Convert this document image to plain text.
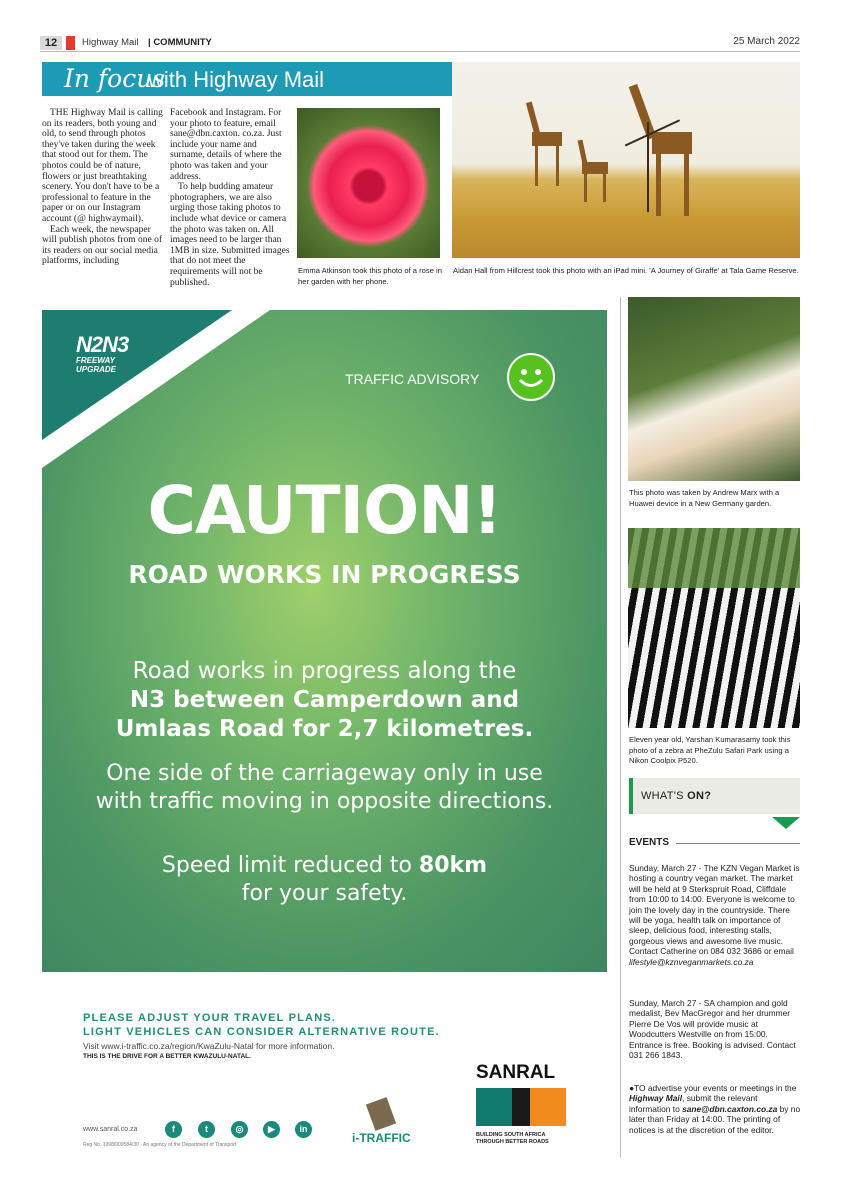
12	Highway Mail | COMMUNITY	25 March 2022
In focus
with Highway Mail

THE Highway Mail is calling on its readers, both young and old, to send through photos they've taken during the week that stood out for them. The photos could be of nature, flowers or just breathtaking scenery. You don't have to be a professional to feature in the paper or on our Instagram account (@ highwaymail).

Each week, the newspaper will publish photos from one of its readers on our social media platforms, including

Facebook and Instagram. For your photo to feature, email sane@dbn.caxton. co.za. Just include your name and surname, details of where the photo was taken and your address.

To help budding amateur photographers, we are also urging those taking photos to include what device or camera the photo was taken on. All images need to be larger than 1MB in size. Submitted images that do not meet the requirements will not be published.

Emma Atkinson took this photo of a rose in her garden with her phone.
Aidan Hall from Hillcrest took this photo with an iPad mini. 'A Journey of Giraffe' at Tala Game Reserve.
N2N3
FREEWAY
UPGRADE
TRAFFIC ADVISORY
CAUTION!
ROAD WORKS IN PROGRESS
Road works in progress along the
N3 between Camperdown and Umlaas Road for 2,7 kilometres.
One side of the carriageway only in use with traffic moving in opposite directions.
Speed limit reduced to 80km
for your safety.
PLEASE ADJUST YOUR TRAVEL PLANS.
LIGHT VEHICLES CAN CONSIDER ALTERNATIVE ROUTE.
Visit www.i-traffic.co.za/region/KwaZulu-Natal for more information.
THIS IS THE DRIVE FOR A BETTER KWAZULU-NATAL.
www.sanral.co.za	f	t	◎	▶	in
Reg No. 1998/009584/30 · An agency of the Department of Transport	i-TRAFFIC
SANRAL
BUILDING SOUTH AFRICA
THROUGH BETTER ROADS
This photo was taken by Andrew Marx with a Huawei device in a New Germany garden.
Eleven year old, Yarshan Kumarasamy took this photo of a zebra at PheZulu Safari Park using a Nikon Coolpix P520.
WHAT'S ON?
EVENTS
Sunday, March 27 - The KZN Vegan Market is hosting a country vegan market. The market will be held at 9 Sterkspruit Road, Cliffdale from 10:00 to 14:00. Everyone is welcome to join the lovely day in the countryside. There will be yoga, health talk on importance of sleep, delicious food, interesting stalls, gorgeous views and awesome live music. Contact Catherine on 084 032 3686 or email lifestyle@kznveganmarkets.co.za
Sunday, March 27 - SA champion and gold medalist, Bev MacGregor and her drummer Pierre De Vos will provide music at Woodcutters Westville on from 15:00. Entrance is free. Booking is advised. Contact 031 266 1843.
●TO advertise your events or meetings in the Highway Mail, submit the relevant information to sane@dbn.caxton.co.za by no later than Friday at 14:00. The printing of notices is at the discretion of the editor.
